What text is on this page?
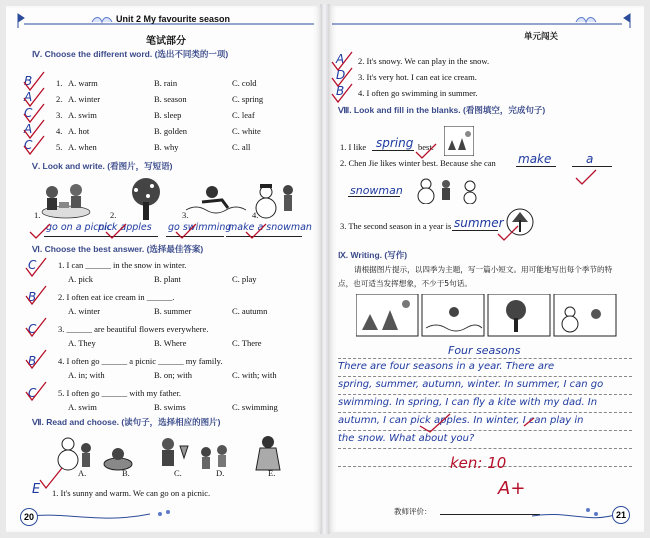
Unit 2 My favourite season
笔试部分
Ⅳ. Choose the different word. (选出不同类的一项)
B	1. A. warm	B. rain	C. cold
A	2. A. winter	B. season	C. spring
C	3. A. swim	B. sleep	C. leaf
A	4. A. hot	B. golden	C. white
C	5. A. when	B. why	C. all
Ⅴ. Look and write. (看图片，写短语)
1.	2.	3.	4.
go on a picnic
pick apples go swimming
make a snowman
Ⅵ. Choose the best answer. (选择最佳答案)
C	1. I can ______ in the snow in winter.
A. pick	B. plant	C. play
B	2. I often eat ice cream in ______.
A. winter	B. summer	C. autumn
C	3. ______ are beautiful flowers everywhere.
A. They	B. Where	C. There
B	4. I often go ______ a picnic ______ my family.
A. in; with	B. on; with	C. with; with
C	5. I often go ______ with my father.
A. swim	B. swims	C. swimming
Ⅶ. Read and choose. (读句子，选择相应的图片)
A.	B.	C.	D.	E.
1. It's sunny and warm. We can go on a picnic.
E
20
单元闯关
A 2. It's snowy. We can play in the snow.
D 3. It's very hot. I can eat ice cream.
B 4. I often go swimming in summer.
Ⅷ. Look and fill in the blanks. (看图填空，完成句子)
1. I like spring best.
2. Chen Jie likes winter best. Because she can make	a
snowman
3. The second season in a year is summer
Ⅸ. Writing. (写作)
请根据图片提示，以四季为主题，写一篇小短文。用可能地写出每个季节的特
点，也可适当发挥想象，不少于5句话。
Four seasons
There are four seasons in a year. There are
spring, summer, autumn, winter. In summer, I can go
swimming. In spring, I can fly a kite with my dad. In
autumn, I can pick apples. In winter, I can play in
the snow. What about you?
ken: 10
A+
教师评价：	21
